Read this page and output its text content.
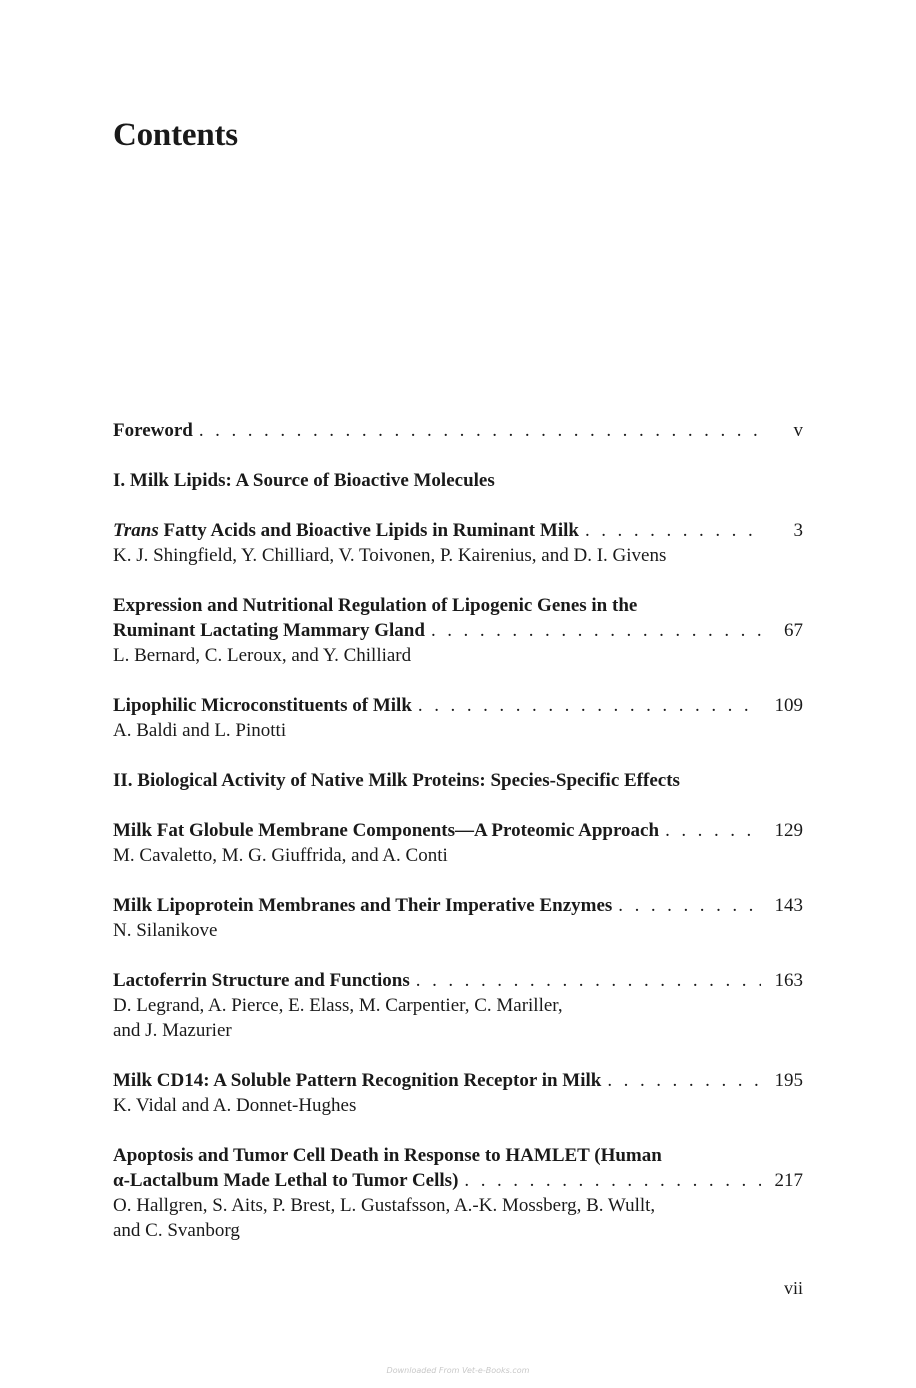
Contents
Foreword . . .	v
I. Milk Lipids: A Source of Bioactive Molecules
Trans Fatty Acids and Bioactive Lipids in Ruminant Milk . . .	3
K. J. Shingfield, Y. Chilliard, V. Toivonen, P. Kairenius, and D. I. Givens
Expression and Nutritional Regulation of Lipogenic Genes in the
Ruminant Lactating Mammary Gland . . .	67
L. Bernard, C. Leroux, and Y. Chilliard
Lipophilic Microconstituents of Milk . . .	109
A. Baldi and L. Pinotti
II. Biological Activity of Native Milk Proteins: Species-Specific Effects
Milk Fat Globule Membrane Components—A Proteomic Approach . . .	129
M. Cavaletto, M. G. Giuffrida, and A. Conti
Milk Lipoprotein Membranes and Their Imperative Enzymes . . .	143
N. Silanikove
Lactoferrin Structure and Functions . . .	163
D. Legrand, A. Pierce, E. Elass, M. Carpentier, C. Mariller,
and J. Mazurier
Milk CD14: A Soluble Pattern Recognition Receptor in Milk . . .	195
K. Vidal and A. Donnet-Hughes
Apoptosis and Tumor Cell Death in Response to HAMLET (Human
α-Lactalbum Made Lethal to Tumor Cells) . . .	217
O. Hallgren, S. Aits, P. Brest, L. Gustafsson, A.-K. Mossberg, B. Wullt,
and C. Svanborg
vii
Downloaded From Vet-e-Books.com
